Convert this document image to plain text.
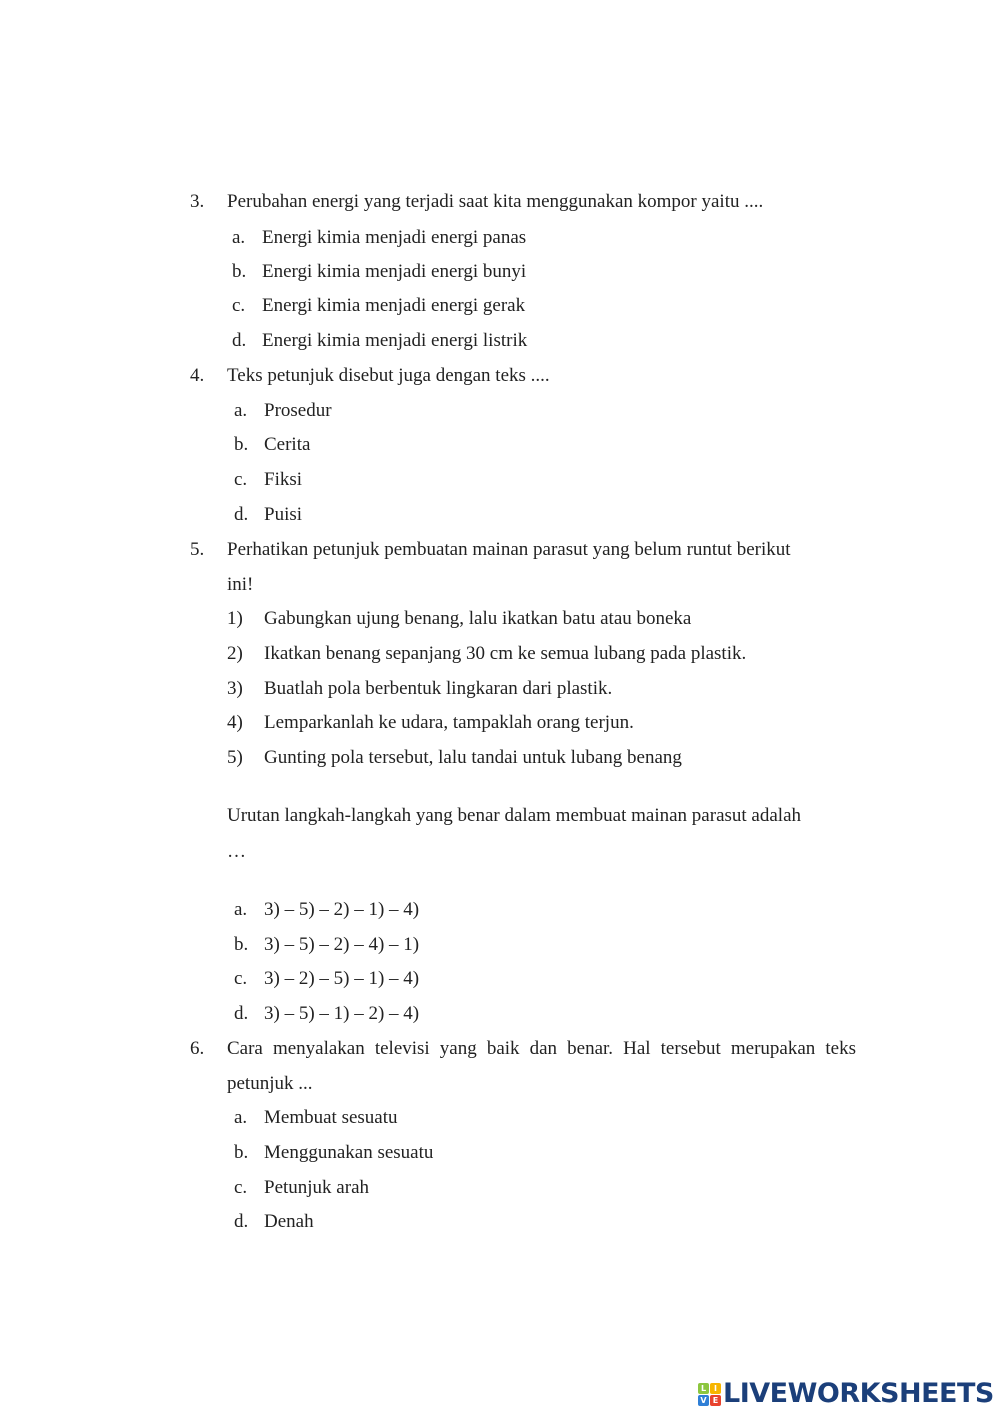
3. Perubahan energi yang terjadi saat kita menggunakan kompor yaitu ....
a. Energi kimia menjadi energi panas
b. Energi kimia menjadi energi bunyi
c. Energi kimia menjadi energi gerak
d. Energi kimia menjadi energi listrik
4. Teks petunjuk disebut juga dengan teks ....
a. Prosedur
b. Cerita
c. Fiksi
d. Puisi
5. Perhatikan petunjuk pembuatan mainan parasut yang belum runtut berikut
ini!
1) Gabungkan ujung benang, lalu ikatkan batu atau boneka
2) Ikatkan benang sepanjang 30 cm ke semua lubang pada plastik.
3) Buatlah pola berbentuk lingkaran dari plastik.
4) Lemparkanlah ke udara, tampaklah orang terjun.
5) Gunting pola tersebut, lalu tandai untuk lubang benang
Urutan langkah-langkah yang benar dalam membuat mainan parasut adalah
…
a. 3) – 5) – 2) – 1) – 4)
b. 3) – 5) – 2) – 4) – 1)
c. 3) – 2) – 5) – 1) – 4)
d. 3) – 5) – 1) – 2) – 4)
6. Cara menyalakan televisi yang baik dan benar. Hal tersebut merupakan teks
petunjuk ...
a. Membuat sesuatu
b. Menggunakan sesuatu
c. Petunjuk arah
d. Denah
L I
V E LIVEWORKSHEETS
